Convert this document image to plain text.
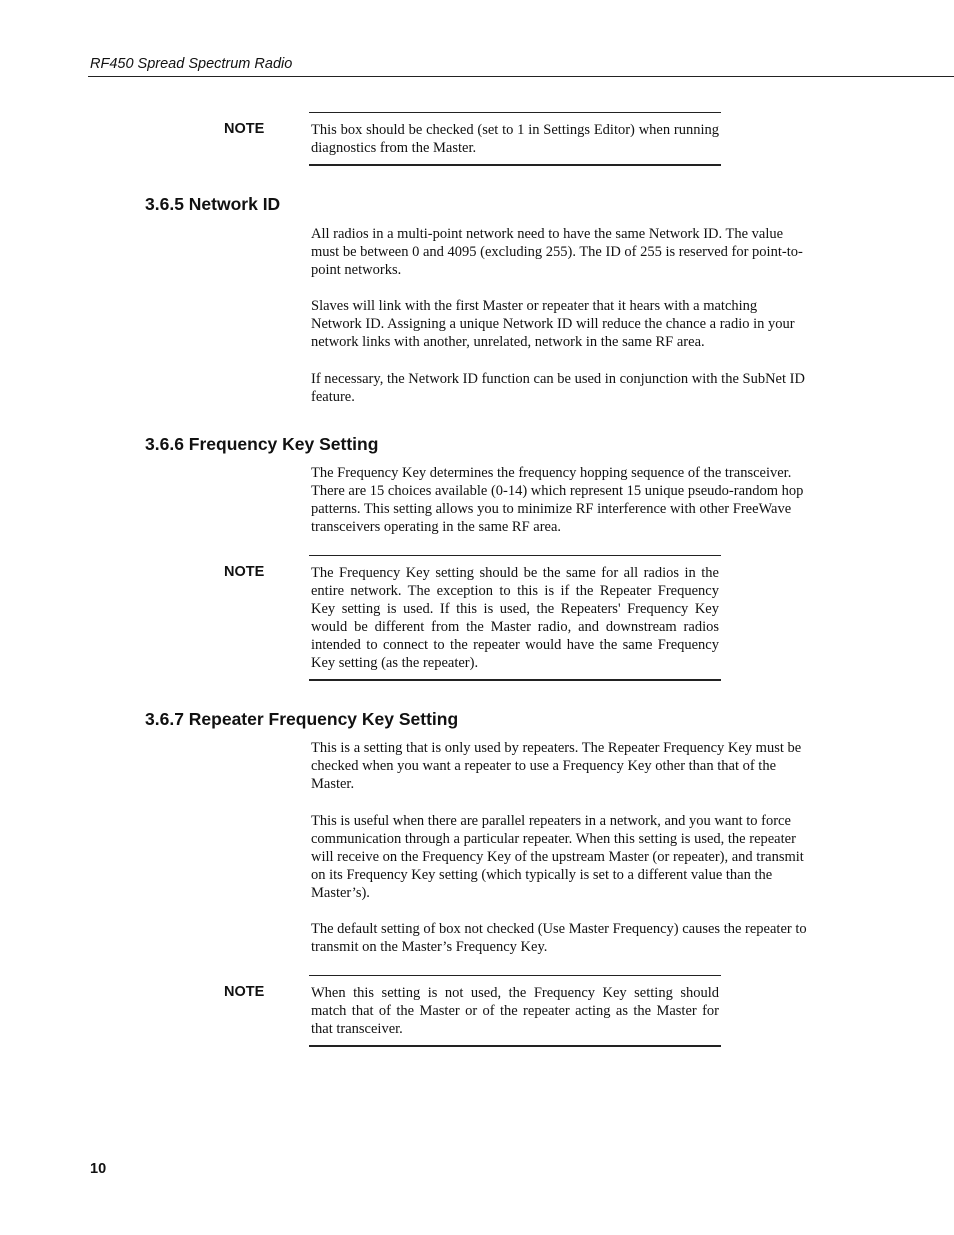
RF450 Spread Spectrum Radio
NOTE	This box should be checked (set to 1 in Settings Editor) when running diagnostics from the Master.
3.6.5 Network ID
All radios in a multi-point network need to have the same Network ID. The value must be between 0 and 4095 (excluding 255). The ID of 255 is reserved for point-to-point networks.
Slaves will link with the first Master or repeater that it hears with a matching Network ID. Assigning a unique Network ID will reduce the chance a radio in your network links with another, unrelated, network in the same RF area.
If necessary, the Network ID function can be used in conjunction with the SubNet ID feature.
3.6.6 Frequency Key Setting
The Frequency Key determines the frequency hopping sequence of the transceiver. There are 15 choices available (0-14) which represent 15 unique pseudo-random hop patterns. This setting allows you to minimize RF interference with other FreeWave transceivers operating in the same RF area.
NOTE	The Frequency Key setting should be the same for all radios in the entire network. The exception to this is if the Repeater Frequency Key setting is used. If this is used, the Repeaters' Frequency Key would be different from the Master radio, and downstream radios intended to connect to the repeater would have the same Frequency Key setting (as the repeater).
3.6.7 Repeater Frequency Key Setting
This is a setting that is only used by repeaters. The Repeater Frequency Key must be checked when you want a repeater to use a Frequency Key other than that of the Master.
This is useful when there are parallel repeaters in a network, and you want to force communication through a particular repeater. When this setting is used, the repeater will receive on the Frequency Key of the upstream Master (or repeater), and transmit on its Frequency Key setting (which typically is set to a different value than the Master’s).
The default setting of box not checked (Use Master Frequency) causes the repeater to transmit on the Master’s Frequency Key.
NOTE	When this setting is not used, the Frequency Key setting should match that of the Master or of the repeater acting as the Master for that transceiver.
10
